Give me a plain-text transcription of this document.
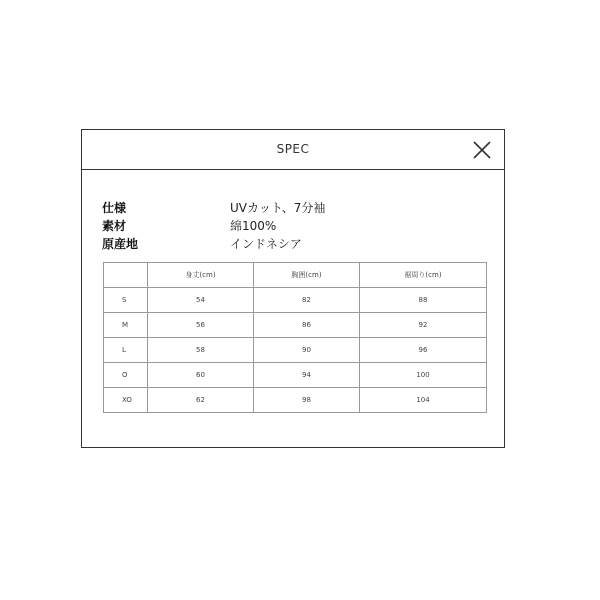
SPEC
仕様	UVカット、7分袖
素材	綿100%
原産地	インドネシア
	身丈(cm)	胸囲(cm)	裾周り(cm)
S	54	82	88
M	56	86	92
L	58	90	96
O	60	94	100
XO	62	98	104
